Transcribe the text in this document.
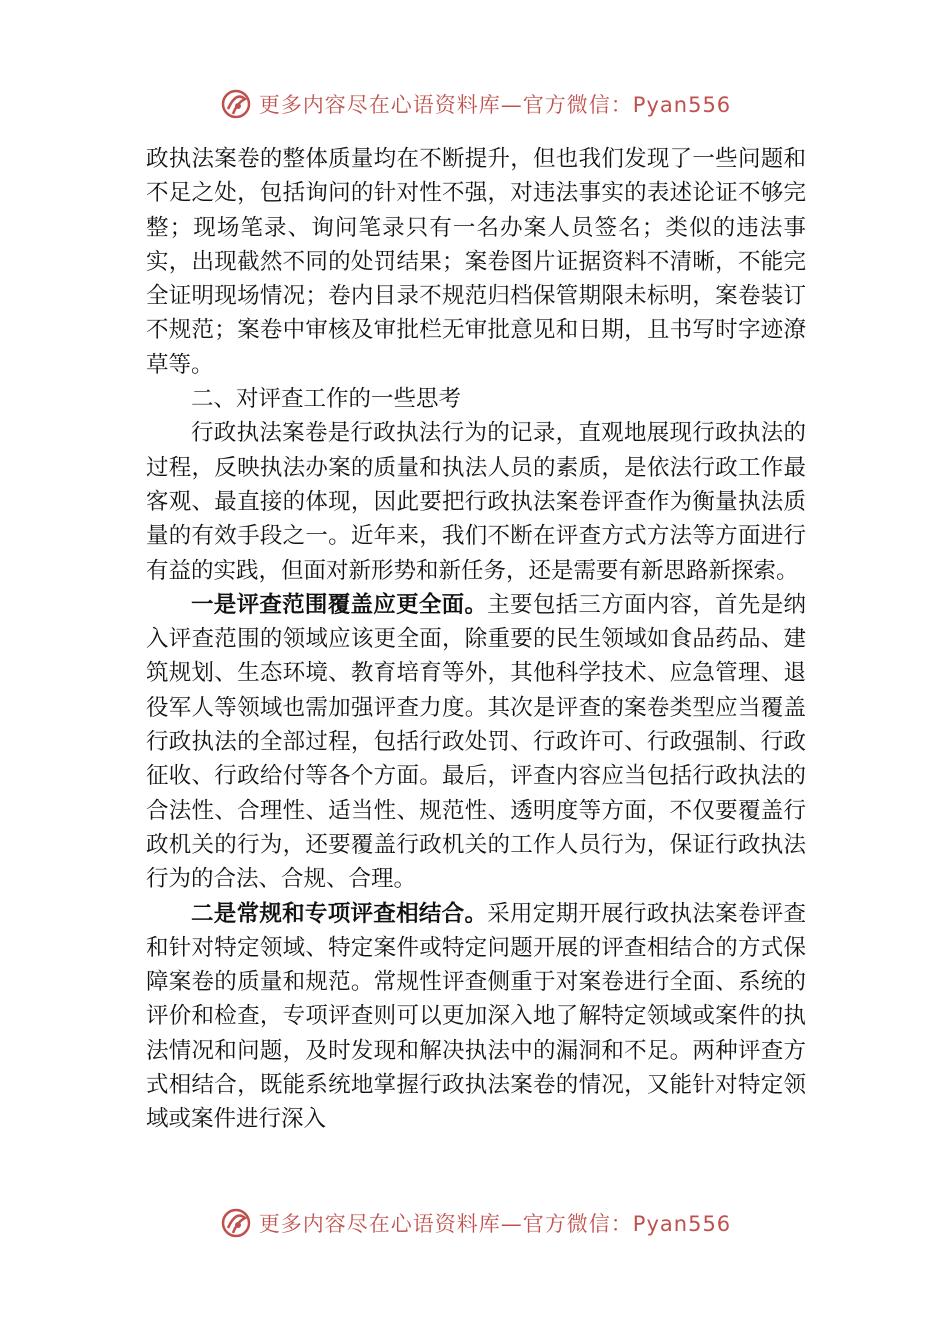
更多内容尽在心语资料库—官方微信：Pyan556

政执法案卷的整体质量均在不断提升，但也我们发现了一些问题和不足之处，包括询问的针对性不强，对违法事实的表述论证不够完整；现场笔录、询问笔录只有一名办案人员签名；类似的违法事实，出现截然不同的处罚结果；案卷图片证据资料不清晰，不能完全证明现场情况；卷内目录不规范归档保管期限未标明，案卷装订不规范；案卷中审核及审批栏无审批意见和日期，且书写时字迹潦草等。

二、对评查工作的一些思考

行政执法案卷是行政执法行为的记录，直观地展现行政执法的过程，反映执法办案的质量和执法人员的素质，是依法行政工作最客观、最直接的体现，因此要把行政执法案卷评查作为衡量执法质量的有效手段之一。近年来，我们不断在评查方式方法等方面进行有益的实践，但面对新形势和新任务，还是需要有新思路新探索。

一是评查范围覆盖应更全面。主要包括三方面内容，首先是纳入评查范围的领域应该更全面，除重要的民生领域如食品药品、建筑规划、生态环境、教育培育等外，其他科学技术、应急管理、退役军人等领域也需加强评查力度。其次是评查的案卷类型应当覆盖行政执法的全部过程，包括行政处罚、行政许可、行政强制、行政征收、行政给付等各个方面。最后，评查内容应当包括行政执法的合法性、合理性、适当性、规范性、透明度等方面，不仅要覆盖行政机关的行为，还要覆盖行政机关的工作人员行为，保证行政执法行为的合法、合规、合理。

二是常规和专项评查相结合。采用定期开展行政执法案卷评查和针对特定领域、特定案件或特定问题开展的评查相结合的方式保障案卷的质量和规范。常规性评查侧重于对案卷进行全面、系统的评价和检查，专项评查则可以更加深入地了解特定领域或案件的执法情况和问题，及时发现和解决执法中的漏洞和不足。两种评查方式相结合，既能系统地掌握行政执法案卷的情况，又能针对特定领域或案件进行深入

更多内容尽在心语资料库—官方微信：Pyan556
